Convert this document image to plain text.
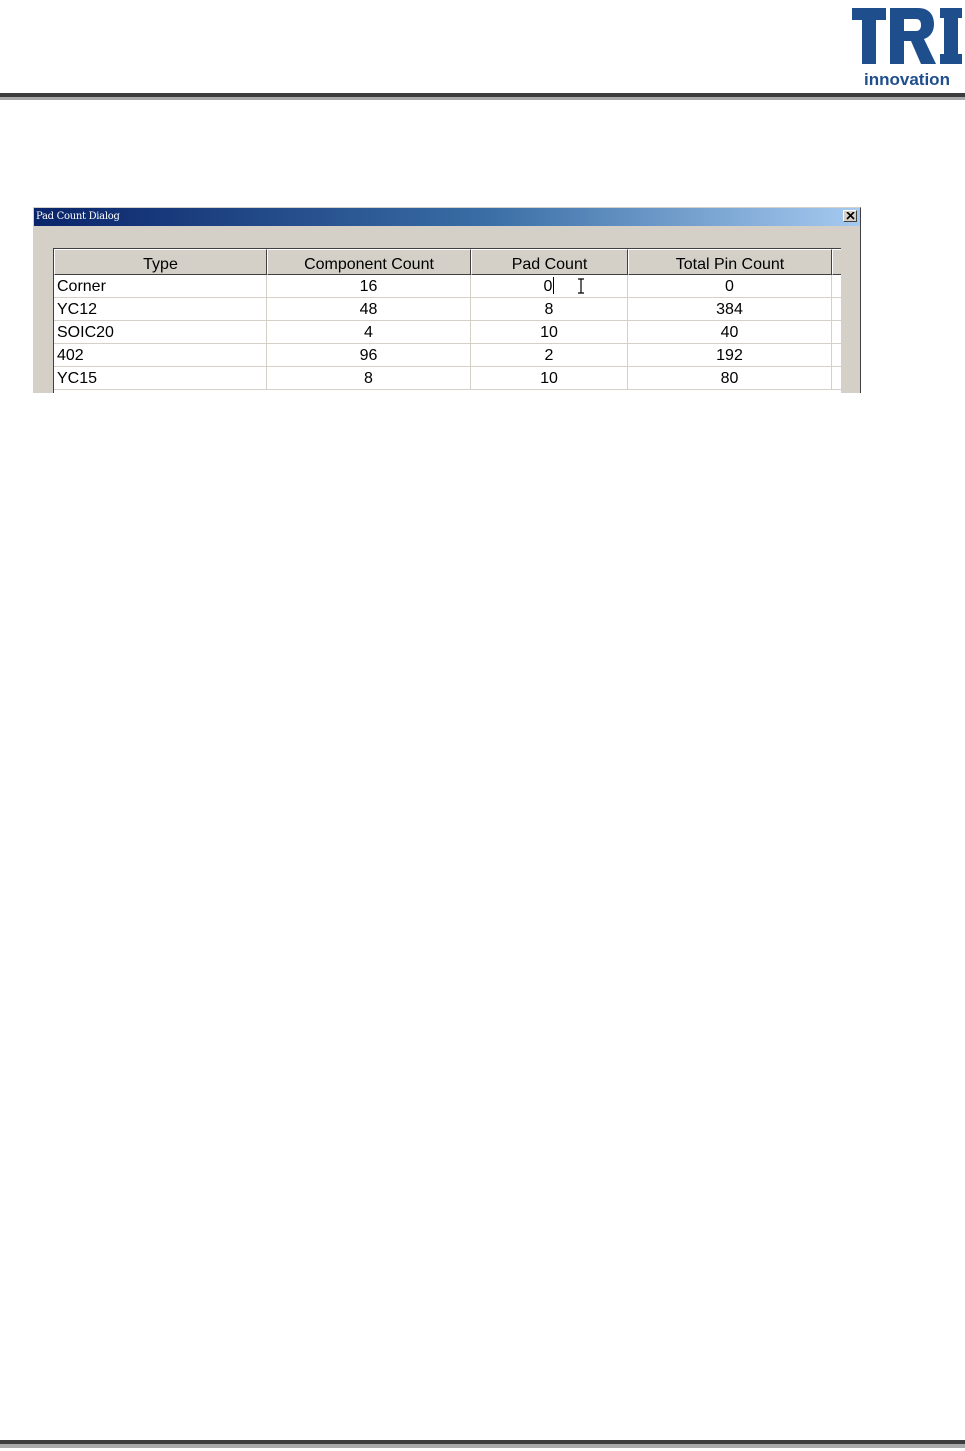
innovation
Pad Count Dialog
Type	Component Count	Pad Count	Total Pin Count
Corner	16	0	0
YC12	48	8	384
SOIC20	4	10	40
402	96	2	192
YC15	8	10	80
